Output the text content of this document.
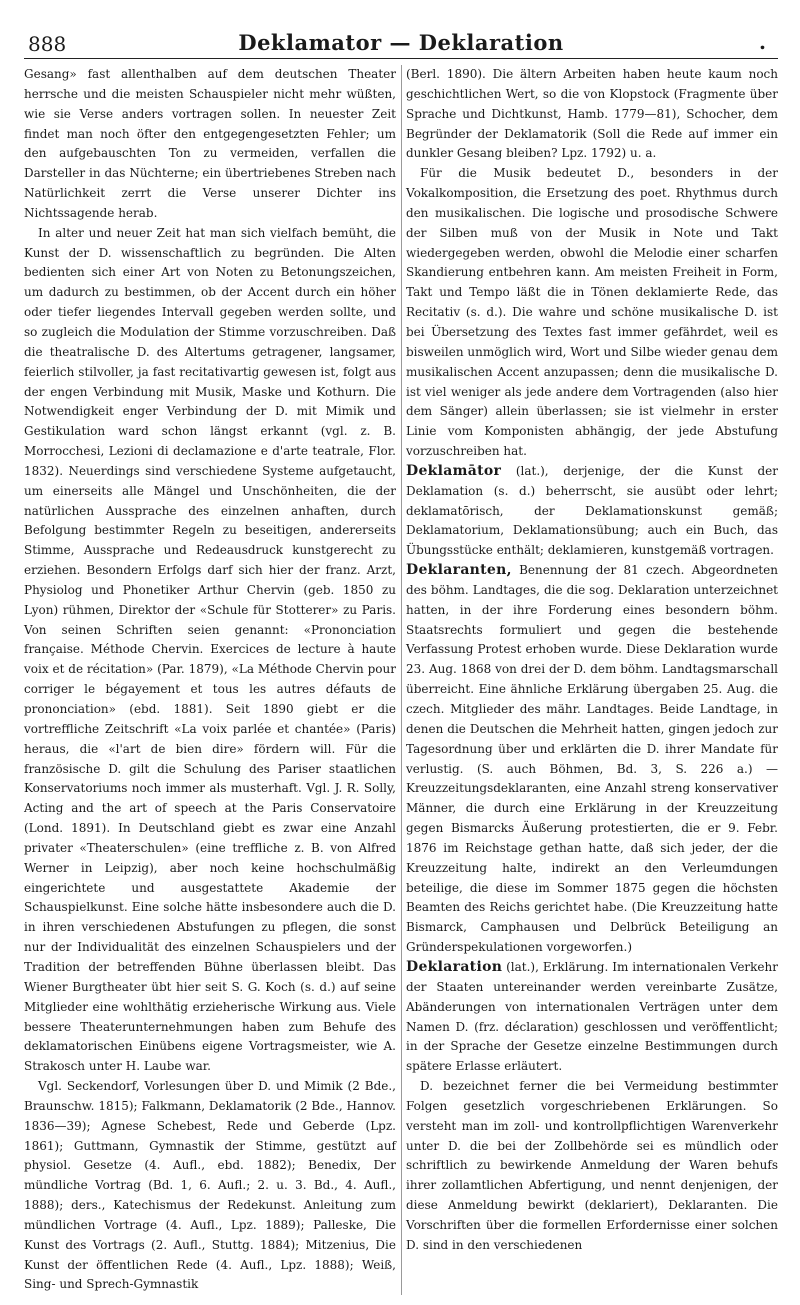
888	Deklamator — Deklaration	.

Gesang» fast allenthalben auf dem deutschen Theater herrsche und die meisten Schauspieler nicht mehr wüßten, wie sie Verse anders vortragen sollen. In neuester Zeit findet man noch öfter den entgegengesetzten Fehler; um den aufgebauschten Ton zu vermeiden, verfallen die Darsteller in das Nüchterne; ein übertriebenes Streben nach Natürlichkeit zerrt die Verse unserer Dichter ins Nichtssagende herab.

In alter und neuer Zeit hat man sich vielfach bemüht, die Kunst der D. wissenschaftlich zu begründen. Die Alten bedienten sich einer Art von Noten zu Betonungszeichen, um dadurch zu bestimmen, ob der Accent durch ein höher oder tiefer liegendes Intervall gegeben werden sollte, und so zugleich die Modulation der Stimme vorzuschreiben. Daß die theatralische D. des Altertums getragener, langsamer, feierlich stilvoller, ja fast recitativartig gewesen ist, folgt aus der engen Verbindung mit Musik, Maske und Kothurn. Die Notwendigkeit enger Verbindung der D. mit Mimik und Gestikulation ward schon längst erkannt (vgl. z. B. Morrocchesi, Lezioni di declamazione e d'arte teatrale, Flor. 1832). Neuerdings sind verschiedene Systeme aufgetaucht, um einerseits alle Mängel und Unschönheiten, die der natürlichen Aussprache des einzelnen anhaften, durch Befolgung bestimmter Regeln zu beseitigen, andererseits Stimme, Aussprache und Redeausdruck kunstgerecht zu erziehen. Besondern Erfolgs darf sich hier der franz. Arzt, Physiolog und Phonetiker Arthur Chervin (geb. 1850 zu Lyon) rühmen, Direktor der «Schule für Stotterer» zu Paris. Von seinen Schriften seien genannt: «Prononciation française. Méthode Chervin. Exercices de lecture à haute voix et de récitation» (Par. 1879), «La Méthode Chervin pour corriger le bégayement et tous les autres défauts de prononciation» (ebd. 1881). Seit 1890 giebt er die vortreffliche Zeitschrift «La voix parlée et chantée» (Paris) heraus, die «l'art de bien dire» fördern will. Für die französische D. gilt die Schulung des Pariser staatlichen Konservatoriums noch immer als musterhaft. Vgl. J. R. Solly, Acting and the art of speech at the Paris Conservatoire (Lond. 1891). In Deutschland giebt es zwar eine Anzahl privater «Theaterschulen» (eine treffliche z. B. von Alfred Werner in Leipzig), aber noch keine hochschulmäßig eingerichtete und ausgestattete Akademie der Schauspielkunst. Eine solche hätte insbesondere auch die D. in ihren verschiedenen Abstufungen zu pflegen, die sonst nur der Individualität des einzelnen Schauspielers und der Tradition der betreffenden Bühne überlassen bleibt. Das Wiener Burgtheater übt hier seit S. G. Koch (s. d.) auf seine Mitglieder eine wohlthätig erzieherische Wirkung aus. Viele bessere Theaterunternehmungen haben zum Behufe des deklamatorischen Einübens eigene Vortragsmeister, wie A. Strakosch unter H. Laube war.

Vgl. Seckendorf, Vorlesungen über D. und Mimik (2 Bde., Braunschw. 1815); Falkmann, Deklamatorik (2 Bde., Hannov. 1836—39); Agnese Schebest, Rede und Geberde (Lpz. 1861); Guttmann, Gymnastik der Stimme, gestützt auf physiol. Gesetze (4. Aufl., ebd. 1882); Benedix, Der mündliche Vortrag (Bd. 1, 6. Aufl.; 2. u. 3. Bd., 4. Aufl., 1888); ders., Katechismus der Redekunst. Anleitung zum mündlichen Vortrage (4. Aufl., Lpz. 1889); Palleske, Die Kunst des Vortrags (2. Aufl., Stuttg. 1884); Mitzenius, Die Kunst der öffentlichen Rede (4. Aufl., Lpz. 1888); Weiß, Sing- und Sprech-Gymnastik

(Berl. 1890). Die ältern Arbeiten haben heute kaum noch geschichtlichen Wert, so die von Klopstock (Fragmente über Sprache und Dichtkunst, Hamb. 1779—81), Schocher, dem Begründer der Deklamatorik (Soll die Rede auf immer ein dunkler Gesang bleiben? Lpz. 1792) u. a.

Für die Musik bedeutet D., besonders in der Vokalkomposition, die Ersetzung des poet. Rhythmus durch den musikalischen. Die logische und prosodische Schwere der Silben muß von der Musik in Note und Takt wiedergegeben werden, obwohl die Melodie einer scharfen Skandierung entbehren kann. Am meisten Freiheit in Form, Takt und Tempo läßt die in Tönen deklamierte Rede, das Recitativ (s. d.). Die wahre und schöne musikalische D. ist bei Übersetzung des Textes fast immer gefährdet, weil es bisweilen unmöglich wird, Wort und Silbe wieder genau dem musikalischen Accent anzupassen; denn die musikalische D. ist viel weniger als jede andere dem Vortragenden (also hier dem Sänger) allein überlassen; sie ist vielmehr in erster Linie vom Komponisten abhängig, der jede Abstufung vorzuschreiben hat.

Deklamātor (lat.), derjenige, der die Kunst der Deklamation (s. d.) beherrscht, sie ausübt oder lehrt; deklamatōrisch, der Deklamationskunst gemäß; Deklamatorium, Deklamationsübung; auch ein Buch, das Übungsstücke enthält; deklamieren, kunstgemäß vortragen.

Deklaranten, Benennung der 81 czech. Abgeordneten des böhm. Landtages, die die sog. Deklaration unterzeichnet hatten, in der ihre Forderung eines besondern böhm. Staatsrechts formuliert und gegen die bestehende Verfassung Protest erhoben wurde. Diese Deklaration wurde 23. Aug. 1868 von drei der D. dem böhm. Landtagsmarschall überreicht. Eine ähnliche Erklärung übergaben 25. Aug. die czech. Mitglieder des mähr. Landtages. Beide Landtage, in denen die Deutschen die Mehrheit hatten, gingen jedoch zur Tagesordnung über und erklärten die D. ihrer Mandate für verlustig. (S. auch Böhmen, Bd. 3, S. 226 a.) — Kreuzzeitungsdeklaranten, eine Anzahl streng konservativer Männer, die durch eine Erklärung in der Kreuzzeitung gegen Bismarcks Äußerung protestierten, die er 9. Febr. 1876 im Reichstage gethan hatte, daß sich jeder, der die Kreuzzeitung halte, indirekt an den Verleumdungen beteilige, die diese im Sommer 1875 gegen die höchsten Beamten des Reichs gerichtet habe. (Die Kreuzzeitung hatte Bismarck, Camphausen und Delbrück Beteiligung an Gründerspekulationen vorgeworfen.)

Deklaration (lat.), Erklärung. Im internationalen Verkehr der Staaten untereinander werden vereinbarte Zusätze, Abänderungen von internationalen Verträgen unter dem Namen D. (frz. déclaration) geschlossen und veröffentlicht; in der Sprache der Gesetze einzelne Bestimmungen durch spätere Erlasse erläutert.

D. bezeichnet ferner die bei Vermeidung bestimmter Folgen gesetzlich vorgeschriebenen Erklärungen. So versteht man im zoll- und kontrollpflichtigen Warenverkehr unter D. die bei der Zollbehörde sei es mündlich oder schriftlich zu bewirkende Anmeldung der Waren behufs ihrer zollamtlichen Abfertigung, und nennt denjenigen, der diese Anmeldung bewirkt (deklariert), Deklaranten. Die Vorschriften über die formellen Erfordernisse einer solchen D. sind in den verschiedenen
